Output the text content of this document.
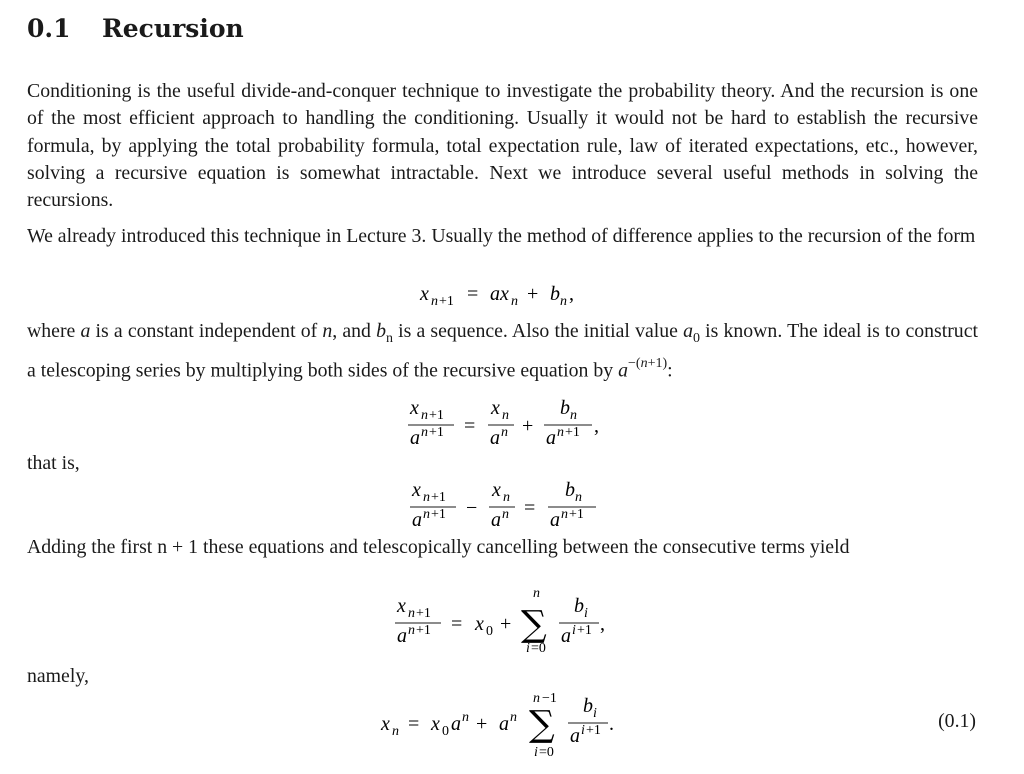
0.1 Recursion
Conditioning is the useful divide-and-conquer technique to investigate the probability theory. And the recursion is one of the most efficient approach to handling the conditioning. Usually it would not be hard to establish the recursive formula, by applying the total probability formula, total expectation rule, law of iterated expectations, etc., however, solving a recursive equation is somewhat intractable. Next we introduce several useful methods in solving the recursions.
We already introduced this technique in Lecture 3. Usually the method of difference applies to the recursion of the form
x n +1 = ax n + b n ,
where a is a constant independent of n, and $b_n$ is a sequence. Also the initial value $a_0$ is known. The ideal is to construct a telescoping series by multiplying both sides of the recursive equation by $a^{-(n+1)}$:
x n +1
a n +1 =
x n
a n +
b n
a n +1 ,
that is,
x n +1
a n +1 −
x n
a n =
b n
a n +1
Adding the first n + 1 these equations and telescopically cancelling between the consecutive terms yield
x n +1
a n +1 = x 0 +
n
∑
i =0
b i
a i +1 ,
namely,
x n = x 0 a n + a n
n −1
∑
i =0
b i
a i +1 .	(0.1)
